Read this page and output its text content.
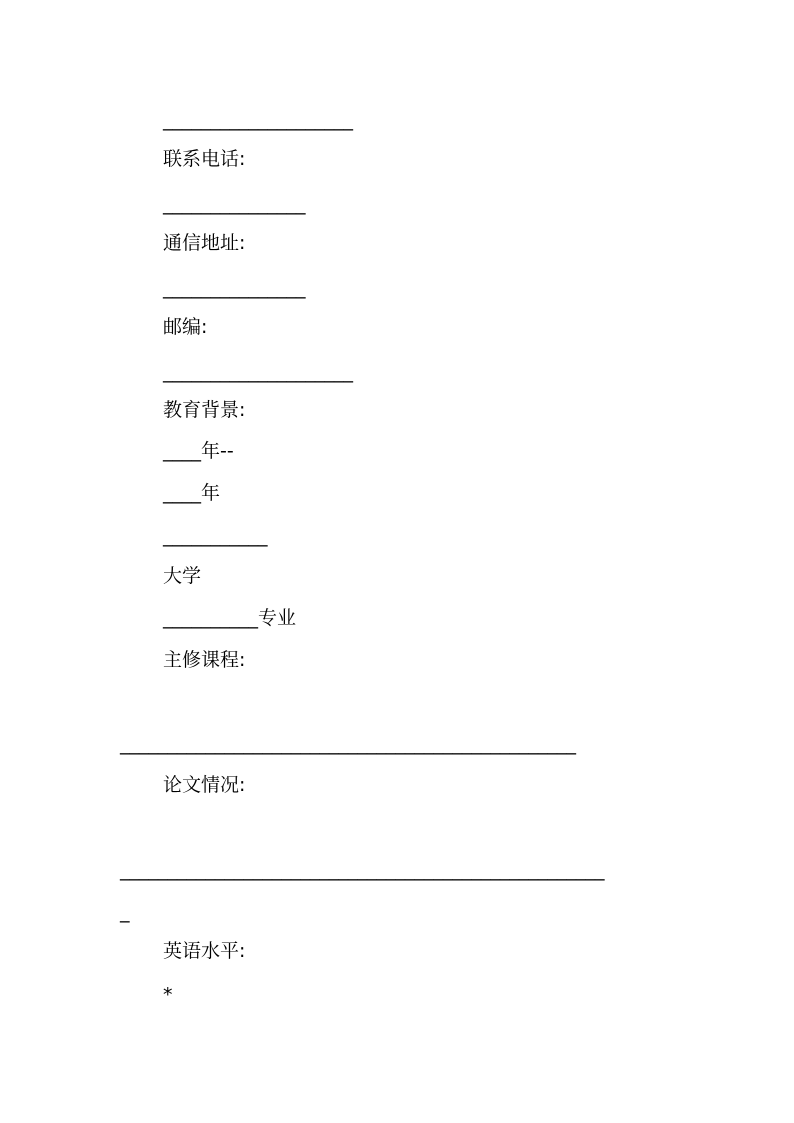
____________________
联系电话:
_______________
通信地址:
_______________
邮编:
____________________
教育背景:
____年--
____年
___________
大学
__________专业
主修课程:
________________________________________________
论文情况:
___________________________________________________
_
英语水平:
*
